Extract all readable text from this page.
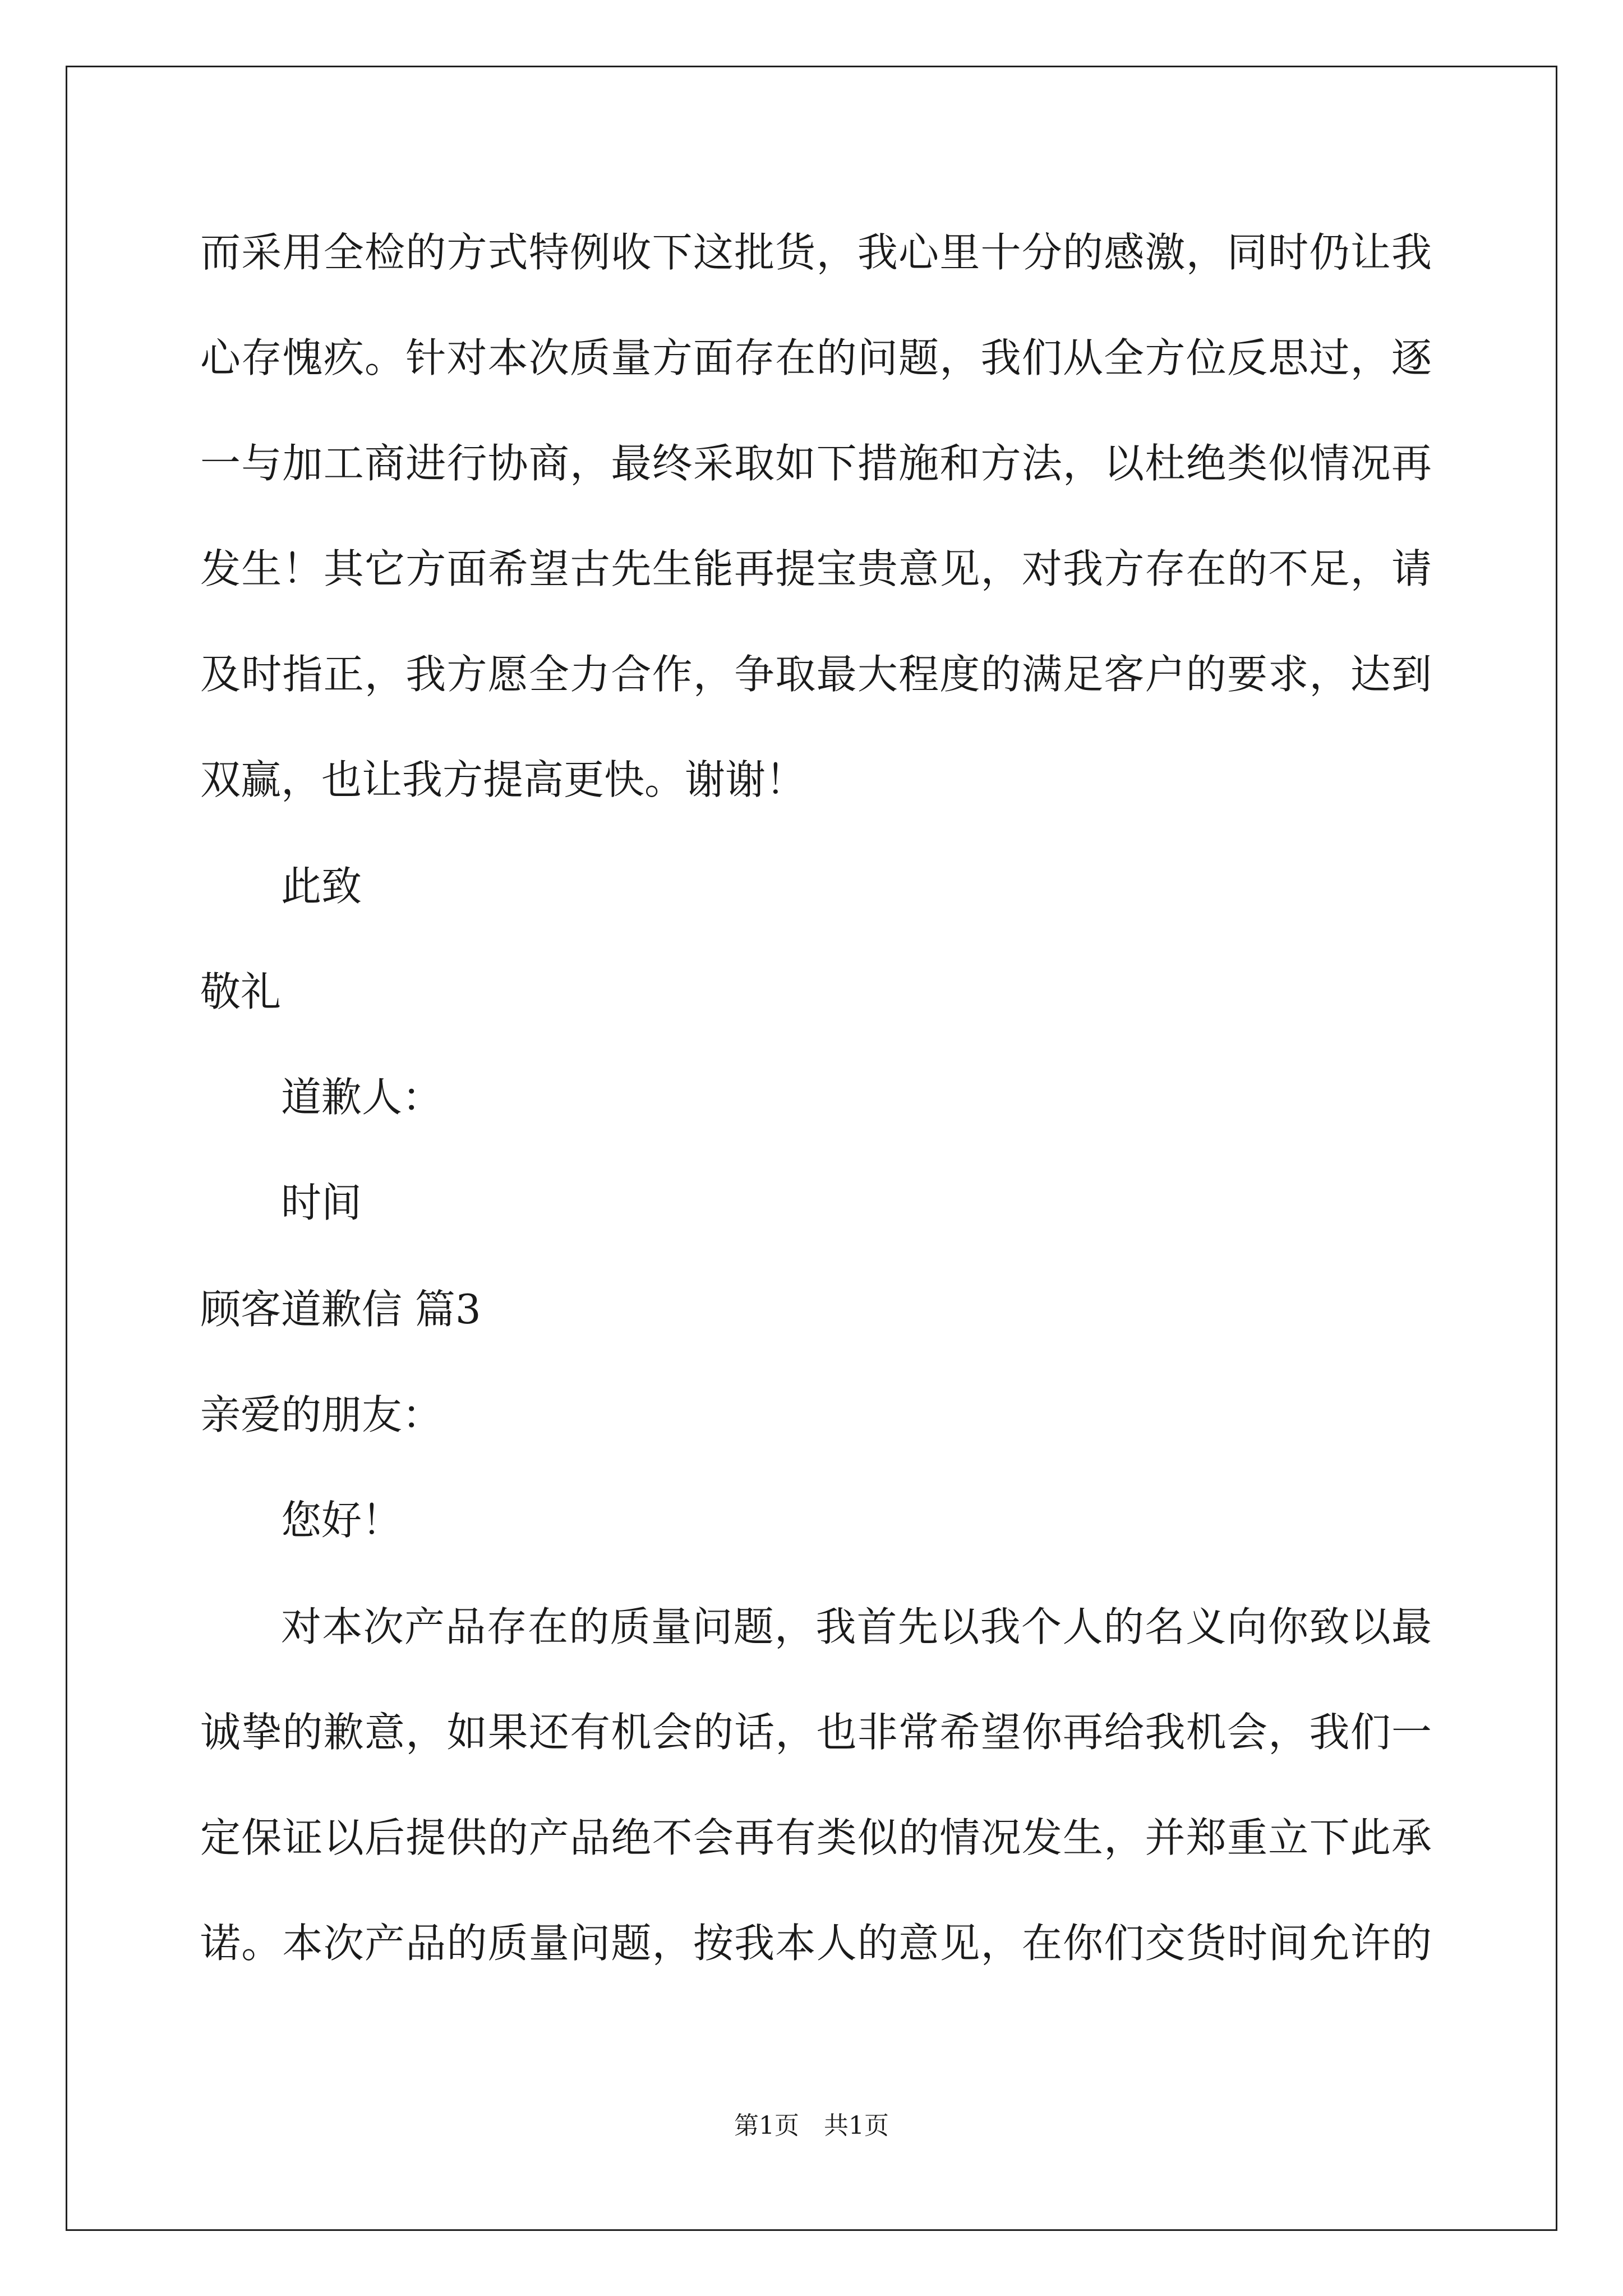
而采用全检的方式特例收下这批货，我心里十分的感激，同时仍让我

心存愧疚。针对本次质量方面存在的问题，我们从全方位反思过，逐

一与加工商进行协商，最终采取如下措施和方法，以杜绝类似情况再

发生！其它方面希望古先生能再提宝贵意见，对我方存在的不足，请

及时指正，我方愿全力合作，争取最大程度的满足客户的要求，达到

双赢，也让我方提高更快。谢谢！

此致

敬礼

道歉人：

时间

顾客道歉信 篇3

亲爱的朋友：

您好！

对本次产品存在的质量问题，我首先以我个人的名义向你致以最

诚挚的歉意，如果还有机会的话，也非常希望你再给我机会，我们一

定保证以后提供的产品绝不会再有类似的情况发生，并郑重立下此承

诺。本次产品的质量问题，按我本人的意见，在你们交货时间允许的

第1页　共1页
